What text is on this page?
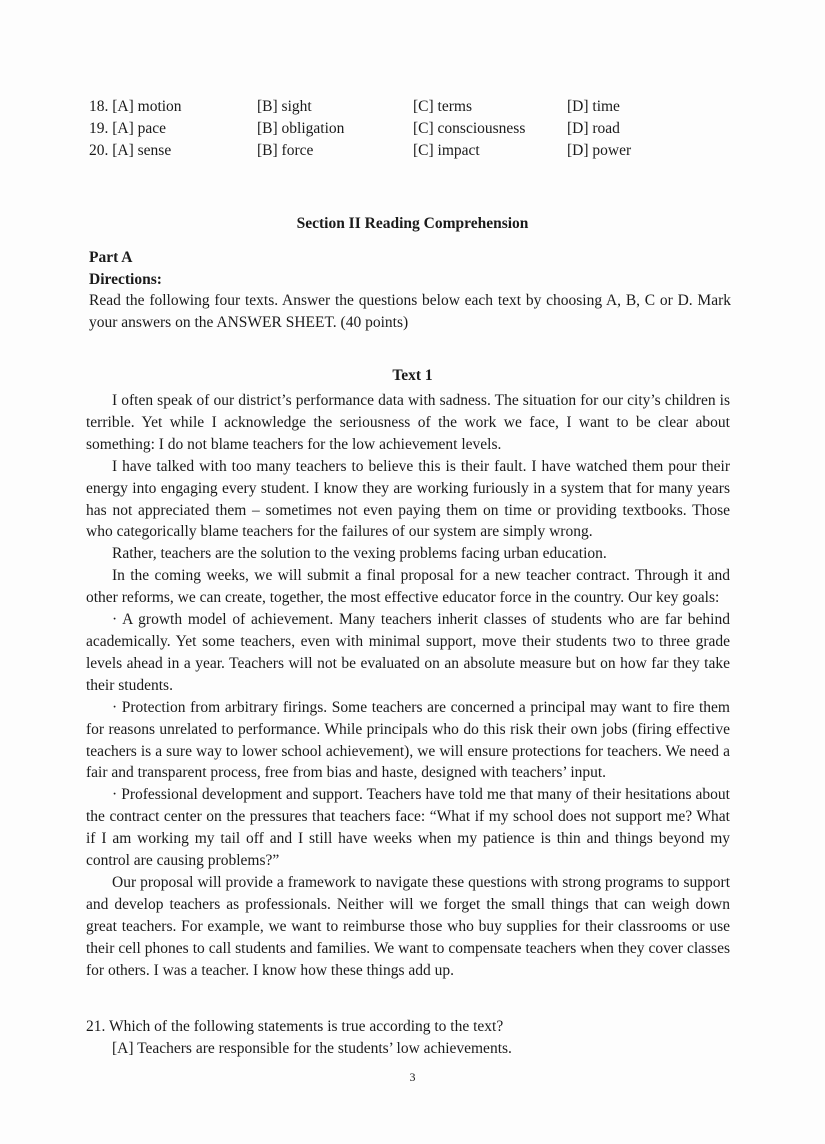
18. [A] motion	[B] sight	[C] terms	[D] time
19. [A] pace	[B] obligation	[C] consciousness	[D] road
20. [A] sense	[B] force	[C] impact	[D] power
Section II Reading Comprehension
Part A
Directions:
Read the following four texts. Answer the questions below each text by choosing A, B, C or D. Mark your answers on the ANSWER SHEET. (40 points)
Text 1

I often speak of our district’s performance data with sadness. The situation for our city’s children is terrible. Yet while I acknowledge the seriousness of the work we face, I want to be clear about something: I do not blame teachers for the low achievement levels.

I have talked with too many teachers to believe this is their fault. I have watched them pour their energy into engaging every student. I know they are working furiously in a system that for many years has not appreciated them – sometimes not even paying them on time or providing textbooks. Those who categorically blame teachers for the failures of our system are simply wrong.

Rather, teachers are the solution to the vexing problems facing urban education.

In the coming weeks, we will submit a final proposal for a new teacher contract. Through it and other reforms, we can create, together, the most effective educator force in the country. Our key goals:

· A growth model of achievement. Many teachers inherit classes of students who are far behind academically. Yet some teachers, even with minimal support, move their students two to three grade levels ahead in a year. Teachers will not be evaluated on an absolute measure but on how far they take their students.

· Protection from arbitrary firings. Some teachers are concerned a principal may want to fire them for reasons unrelated to performance. While principals who do this risk their own jobs (firing effective teachers is a sure way to lower school achievement), we will ensure protections for teachers. We need a fair and transparent process, free from bias and haste, designed with teachers’ input.

· Professional development and support. Teachers have told me that many of their hesitations about the contract center on the pressures that teachers face: “What if my school does not support me? What if I am working my tail off and I still have weeks when my patience is thin and things beyond my control are causing problems?”

Our proposal will provide a framework to navigate these questions with strong programs to support and develop teachers as professionals. Neither will we forget the small things that can weigh down great teachers. For example, we want to reimburse those who buy supplies for their classrooms or use their cell phones to call students and families. We want to compensate teachers when they cover classes for others. I was a teacher. I know how these things add up.

21. Which of the following statements is true according to the text?
[A] Teachers are responsible for the students’ low achievements.
3
